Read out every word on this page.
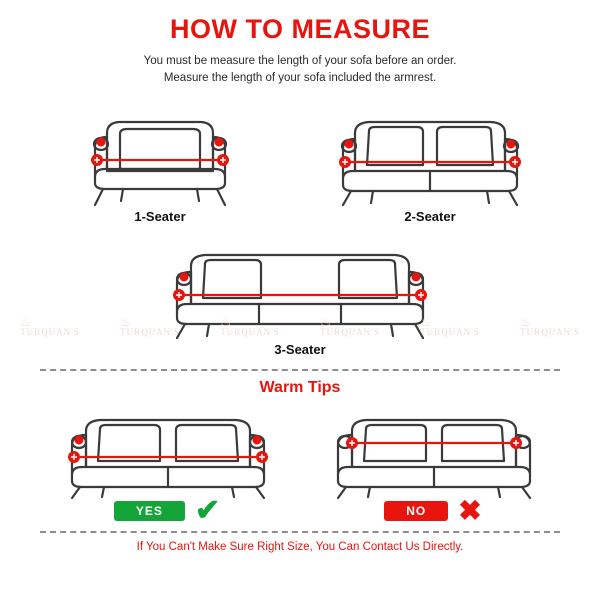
HOW TO MEASURE
You must be measure the length of your sofa before an order.
Measure the length of your sofa included the armrest.
1-Seater	2-Seater
3-Seater
♨
TURQUAN'S
♨
TURQUAN'S
♨
TURQUAN'S
♨
TURQUAN'S
♨
TURQUAN'S
♨
TURQUAN'S
Warm Tips
YES	✔	NO	✖
If You Can't Make Sure Right Size, You Can Contact Us Directly.
